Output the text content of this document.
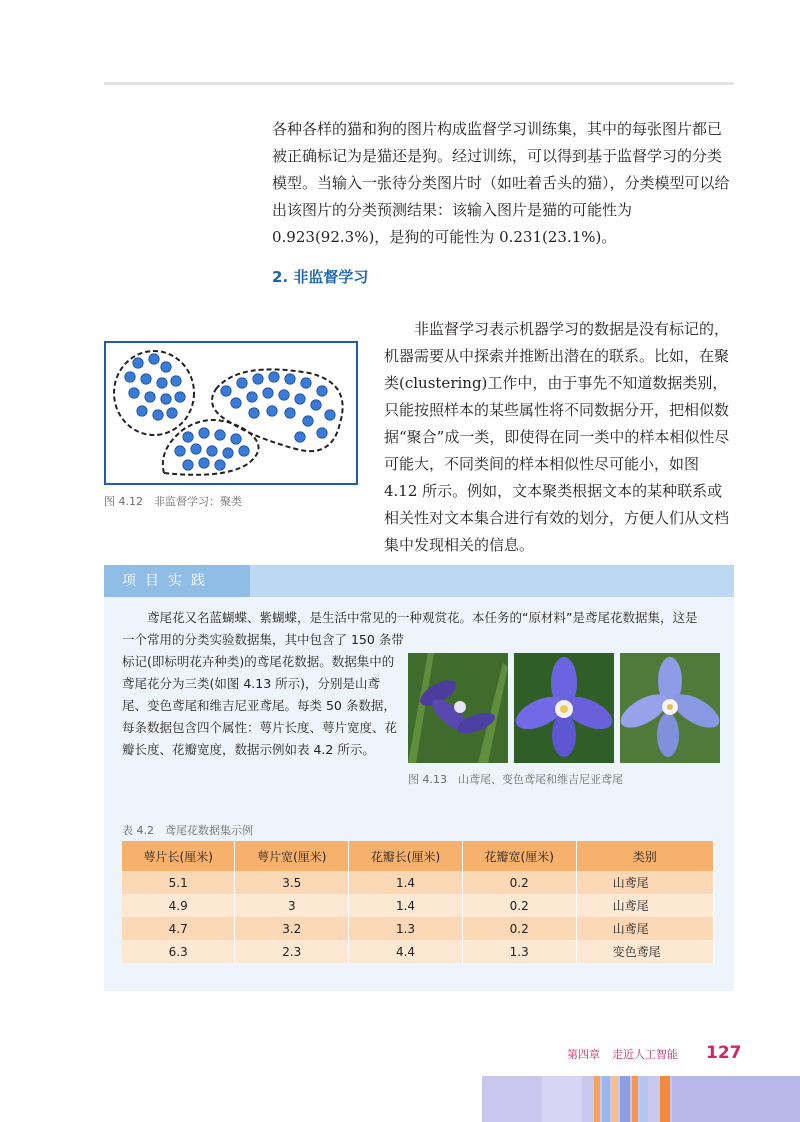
各种各样的猫和狗的图片构成监督学习训练集，其中的每张图片都已被正确标记为是猫还是狗。经过训练，可以得到基于监督学习的分类模型。当输入一张待分类图片时（如吐着舌头的猫），分类模型可以给出该图片的分类预测结果：该输入图片是猫的可能性为 0.923(92.3%)，是狗的可能性为 0.231(23.1%)。

2. 非监督学习
图 4.12　非监督学习：聚类

非监督学习表示机器学习的数据是没有标记的，机器需要从中探索并推断出潜在的联系。比如，在聚类(clustering)工作中，由于事先不知道数据类别，只能按照样本的某些属性将不同数据分开，把相似数据“聚合”成一类，即使得在同一类中的样本相似性尽可能大，不同类间的样本相似性尽可能小，如图 4.12 所示。例如，文本聚类根据文本的某种联系或相关性对文本集合进行有效的划分，方便人们从文档集中发现相关的信息。

项目实践

鸢尾花又名蓝蝴蝶、紫蝴蝶，是生活中常见的一种观赏花。本任务的“原材料”是鸢尾花数据集，这是

一个常用的分类实验数据集，其中包含了 150 条带标记(即标明花卉种类)的鸢尾花数据。数据集中的鸢尾花分为三类(如图 4.13 所示)，分别是山鸢尾、变色鸢尾和维吉尼亚鸢尾。每类 50 条数据，每条数据包含四个属性：萼片长度、萼片宽度、花瓣长度、花瓣宽度，数据示例如表 4.2 所示。

图 4.13　山鸢尾、变色鸢尾和维吉尼亚鸢尾
表 4.2　鸢尾花数据集示例
萼片长(厘米)	萼片宽(厘米)	花瓣长(厘米)	花瓣宽(厘米)	类别
5.1	3.5	1.4	0.2	山鸢尾
4.9	3	1.4	0.2	山鸢尾
4.7	3.2	1.3	0.2	山鸢尾
6.3	2.3	4.4	1.3	变色鸢尾
第四章 走近人工智能 127
